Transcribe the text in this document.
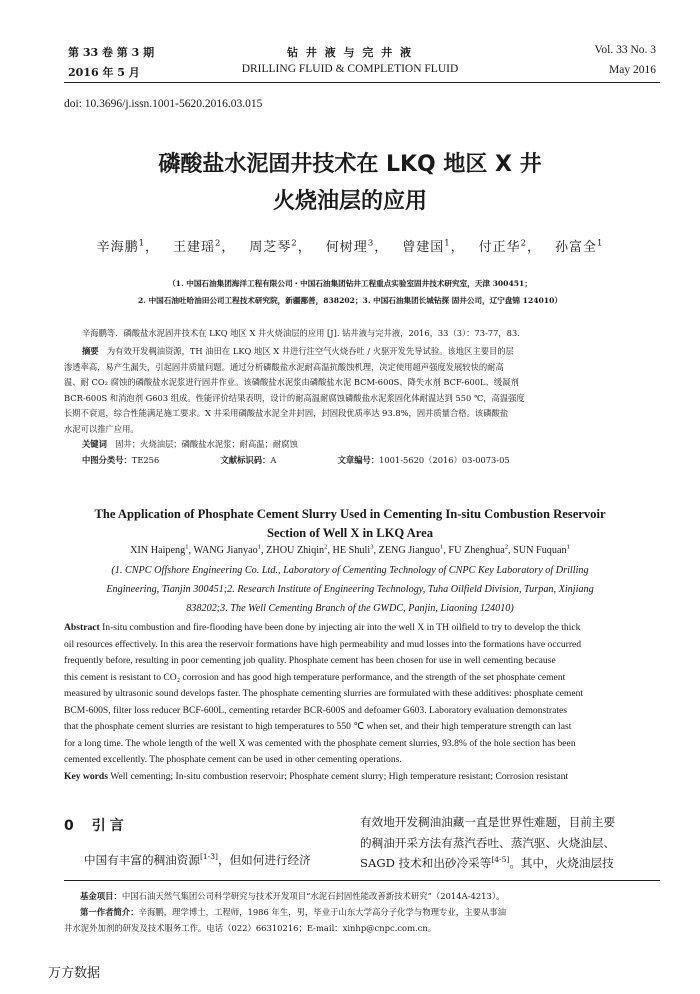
第 33 卷 第 3 期
2016 年 5 月
钻 井 液 与 完 井 液
DRILLING FLUID & COMPLETION FLUID
Vol. 33 No. 3
May 2016
doi: 10.3696/j.issn.1001-5620.2016.03.015
磷酸盐水泥固井技术在 LKQ 地区 X 井
火烧油层的应用
辛海鹏$^1$， 王建瑶$^2$， 周芝琴$^2$， 何树理$^3$， 曾建国$^1$， 付正华$^2$， 孙富全$^1$
（1. 中国石油集团海洋工程有限公司・中国石油集团钻井工程重点实验室固井技术研究室，天津 300451；
2. 中国石油吐哈油田公司工程技术研究院，新疆鄯善，838202；3. 中国石油集团长城钻探 固井公司，辽宁盘锦 124010）
辛海鹏等．磷酸盐水泥固井技术在 LKQ 地区 X 井火烧油层的应用 [J]. 钻井液与完井液，2016，33（3）：73-77，83.
摘要　 为有效开发稠油资源，TH 油田在 LKQ 地区 X 井进行注空气火烧吞吐 / 火驱开发先导试验。该地区主要目的层
渗透率高，易产生漏失，引起固井质量问题。通过分析磷酸盐水泥耐高温抗酸蚀机理，决定使用超声强度发展较快的耐高
温、耐 CO₂ 腐蚀的磷酸盐水泥浆进行固井作业。该磷酸盐水泥浆由磷酸盐水泥 BCM-600S、降失水剂 BCF-600L、缓凝剂
BCR-600S 和消泡剂 G603 组成。性能评价结果表明，设计的耐高温耐腐蚀磷酸盐水泥浆固化体耐温达到 550 ℃，高温强度
长期不衰退，综合性能满足施工要求。X 井采用磷酸盐水泥全井封固，封固段优质率达 93.8%，固井质量合格。该磷酸盐
水泥可以推广应用。
关键词　 固井；火烧油层；磷酸盐水泥浆；耐高温；耐腐蚀
中图分类号：TE256	文献标识码：A	文章编号：1001-5620（2016）03-0073-05
The Application of Phosphate Cement Slurry Used in Cementing In-situ Combustion Reservoir
Section of Well X in LKQ Area
XIN Haipeng$^1$, WANG Jianyao$^1$, ZHOU Zhiqin$^2$, HE Shuli$^3$, ZENG Jianguo$^1$, FU Zhenghua$^2$, SUN Fuquan$^1$
(1. CNPC Offshore Engineering Co. Ltd., Laboratory of Cementing Technology of CNPC Key Laboratory of Drilling
Engineering, Tianjin 300451;2. Research Institute of Engineering Technology, Tuha Oilfield Division, Turpan, Xinjiang
838202;3. The Well Cementing Branch of the GWDC, Panjin, Liaoning 124010)
Abstract In-situ combustion and fire-flooding have been done by injecting air into the well X in TH oilfield to try to develop the thick
oil resources effectively. In this area the reservoir formations have high permeability and mud losses into the formations have occurred
frequently before, resulting in poor cementing job quality. Phosphate cement has been chosen for use in well cementing because
this cement is resistant to CO₂ corrosion and has good high temperature performance, and the strength of the set phosphate cement
measured by ultrasonic sound develops faster. The phosphate cementing slurries are formulated with these additives: phosphate cement
BCM-600S, filter loss reducer BCF-600L, cementing retarder BCR-600S and defoamer G603. Laboratory evaluation demonstrates
that the phosphate cement slurries are resistant to high temperatures to 550 ℃ when set, and their high temperature strength can last
for a long time. The whole length of the well X was cemented with the phosphate cement slurries, 93.8% of the hole section has been
cemented excellently. The phosphate cement can be used in other cementing operations.
Key words Well cementing; In-situ combustion reservoir; Phosphate cement slurry; High temperature resistant; Corrosion resistant
0 引言
中国有丰富的稠油资源[1-3]，但如何进行经济
有效地开发稠油油藏一直是世界性难题，目前主要
的稠油开采方法有蒸汽吞吐、蒸汽驱、火烧油层、
SAGD 技术和出砂冷采等[4-5]。其中，火烧油层技
基金项目：中国石油天然气集团公司科学研究与技术开发项目“水泥石封固性能改善新技术研究”（2014A-4213）。
第一作者简介：辛海鹏，理学博士，工程师，1986 年生，男，毕业于山东大学高分子化学与物理专业，主要从事油
井水泥外加剂的研发及技术服务工作。电话（022）66310216；E-mail：xinhp@cnpc.com.cn。
万方数据
